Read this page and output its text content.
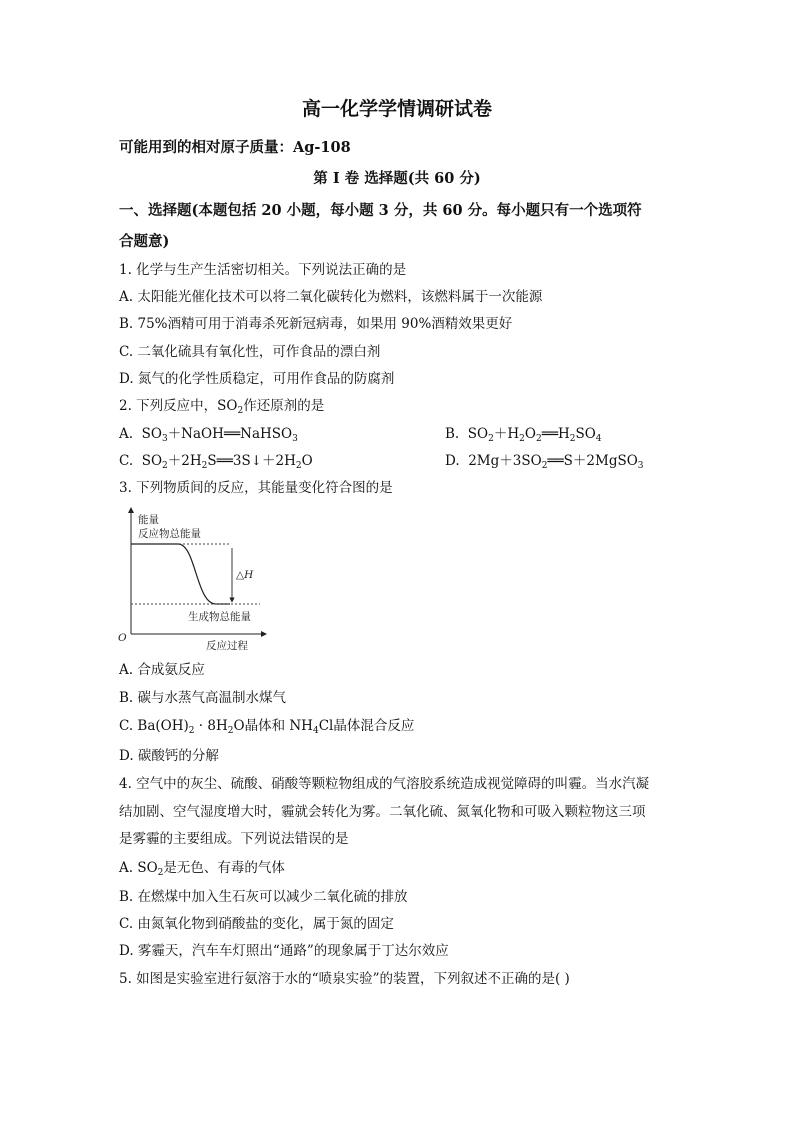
高一化学学情调研试卷
可能用到的相对原子质量：Ag-108
第 I 卷 选择题(共 60 分)
一、选择题(本题包括 20 小题，每小题 3 分，共 60 分。每小题只有一个选项符
合题意)
1. 化学与生产生活密切相关。下列说法正确的是
A. 太阳能光催化技术可以将二氧化碳转化为燃料，该燃料属于一次能源
B. 75%酒精可用于消毒杀死新冠病毒，如果用 90%酒精效果更好
C. 二氧化硫具有氧化性，可作食品的漂白剂
D. 氮气的化学性质稳定，可用作食品的防腐剂
2. 下列反应中，$SO_2$作还原剂的是
A.  $SO_3+NaOH══NaHSO_3$	B.  $SO_2+H_2O_2══H_2SO_4$
C.  $SO_2+2H_2S══3S↓+2H_2O$	D.  $2Mg+3SO_2══S+2MgSO_3$
3. 下列物质间的反应，其能量变化符合图的是
能量
反应物总能量
△H
生成物总能量
O
反应过程
A. 合成氨反应
B. 碳与水蒸气高温制水煤气
C. $Ba(OH)_2 \cdot 8H_2O$晶体和 $NH_4Cl$晶体混合反应
D. 碳酸钙的分解
4. 空气中的灰尘、硫酸、硝酸等颗粒物组成的气溶胶系统造成视觉障碍的叫霾。当水汽凝
结加剧、空气湿度增大时，霾就会转化为雾。二氧化硫、氮氧化物和可吸入颗粒物这三项
是雾霾的主要组成。下列说法错误的是
A. $SO_2$是无色、有毒的气体
B. 在燃煤中加入生石灰可以减少二氧化硫的排放
C. 由氮氧化物到硝酸盐的变化，属于氮的固定
D. 雾霾天，汽车车灯照出“通路”的现象属于丁达尔效应
5. 如图是实验室进行氨溶于水的“喷泉实验”的装置，下列叙述不正确的是( )
